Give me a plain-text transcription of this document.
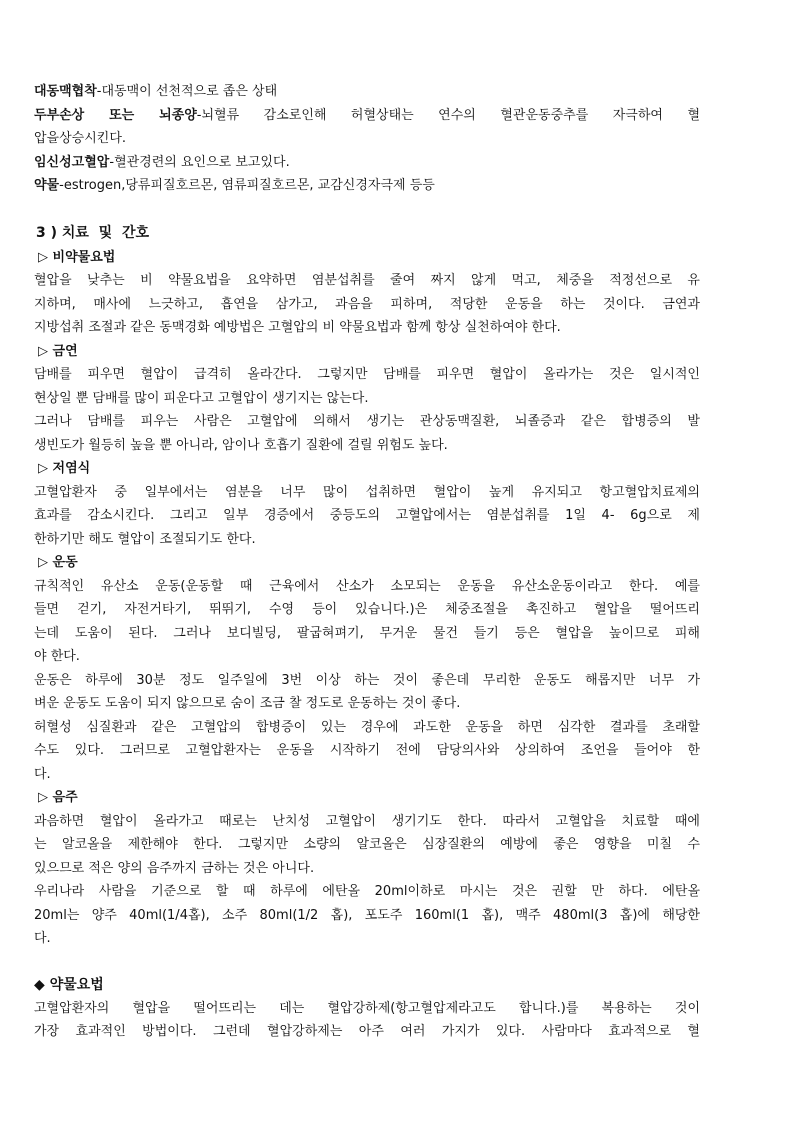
대동맥협착-대동맥이 선천적으로 좁은 상태
두부손상 또는 뇌종양-뇌혈류 감소로인해 허혈상태는 연수의 혈관운동중추를 자극하여 혈
압을상승시킨다.
임신성고혈압-혈관경련의 요인으로 보고있다.
약물-estrogen,당류피질호르몬, 염류피질호르몬, 교감신경자극제 등등
3 ) 치료  및  간호
▷ 비약물요법
혈압을 낮추는 비 약물요법을 요약하면 염분섭취를 줄여 짜지 않게 먹고, 체중을 적정선으로 유
지하며, 매사에 느긋하고, 흡연을 삼가고, 과음을 피하며, 적당한 운동을 하는 것이다. 금연과
지방섭취 조절과 같은 동맥경화 예방법은 고혈압의 비 약물요법과 함께 항상 실천하여야 한다.
▷ 금연
담배를 피우면 혈압이 급격히 올라간다. 그렇지만 담배를 피우면 혈압이 올라가는 것은 일시적인
현상일 뿐 담배를 많이 피운다고 고혈압이 생기지는 않는다.
그러나 담배를 피우는 사람은 고혈압에 의해서 생기는 관상동맥질환, 뇌졸증과 같은 합병증의 발
생빈도가 월등히 높을 뿐 아니라, 암이나 호흡기 질환에 걸릴 위험도 높다.
▷ 저염식
고혈압환자 중 일부에서는 염분을 너무 많이 섭취하면 혈압이 높게 유지되고 항고혈압치료제의
효과를 감소시킨다. 그리고 일부 경증에서 중등도의 고혈압에서는 염분섭취를 1일 4- 6g으로 제
한하기만 해도 혈압이 조절되기도 한다.
▷ 운동
규칙적인 유산소 운동(운동할 때 근육에서 산소가 소모되는 운동을 유산소운동이라고 한다. 예를
들면 걷기, 자전거타기, 뛰뛰기, 수영 등이 있습니다.)은 체중조절을 촉진하고 혈압을 떨어뜨리
는데 도움이 된다. 그러나 보디빌딩, 팔굽혀펴기, 무거운 물건 들기 등은 혈압을 높이므로 피해
야 한다.
운동은 하루에 30분 정도 일주일에 3번 이상 하는 것이 좋은데 무리한 운동도 해롭지만 너무 가
벼운 운동도 도움이 되지 않으므로 숨이 조금 찰 정도로 운동하는 것이 좋다.
허혈성 심질환과 같은 고혈압의 합병증이 있는 경우에 과도한 운동을 하면 심각한 결과를 초래할
수도 있다. 그러므로 고혈압환자는 운동을 시작하기 전에 담당의사와 상의하여 조언을 들어야 한
다.
▷ 음주
과음하면 혈압이 올라가고 때로는 난치성 고혈압이 생기기도 한다. 따라서 고혈압을 치료할 때에
는 알코올을 제한해야 한다. 그렇지만 소량의 알코올은 심장질환의 예방에 좋은 영향을 미칠 수
있으므로 적은 양의 음주까지 금하는 것은 아니다.
우리나라 사람을 기준으로 할 때 하루에 에탄올 20ml이하로 마시는 것은 권할 만 하다. 에탄올
20ml는 양주 40ml(1/4홉), 소주 80ml(1/2 홉), 포도주 160ml(1 홉), 맥주 480ml(3 홉)에 해당한
다.
◆ 약물요법
고혈압환자의 혈압을 떨어뜨리는 데는 혈압강하제(항고혈압제라고도 합니다.)를 복용하는 것이
가장 효과적인 방법이다. 그런데 혈압강하제는 아주 여러 가지가 있다. 사람마다 효과적으로 혈
